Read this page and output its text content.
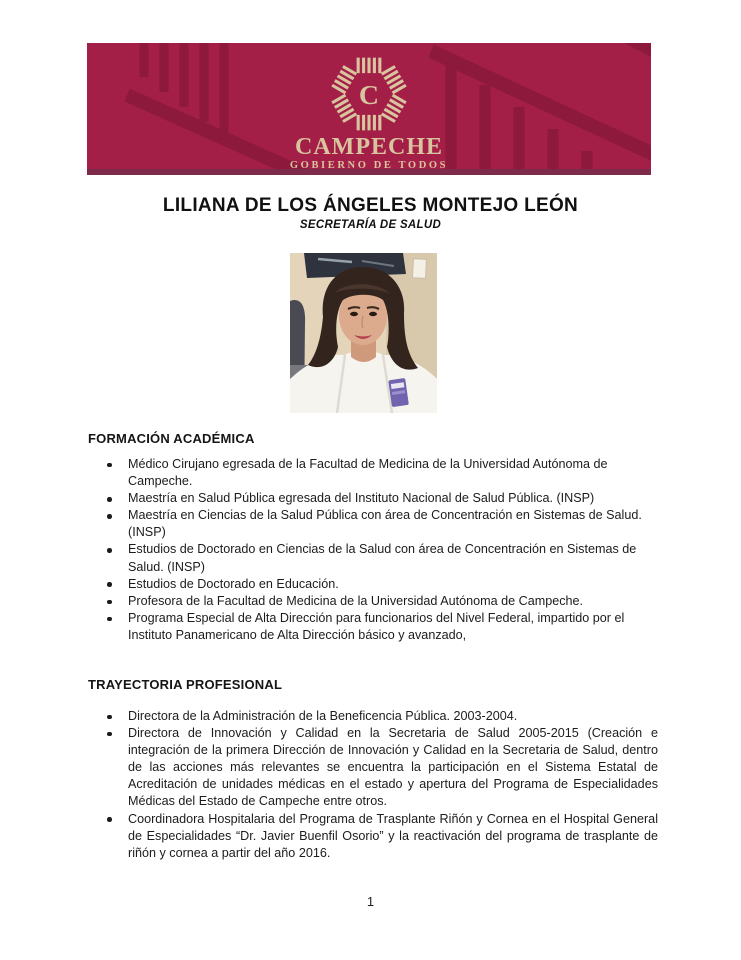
C
CAMPECHE
GOBIERNO DE TODOS
LILIANA DE LOS ÁNGELES MONTEJO LEÓN
SECRETARÍA DE SALUD
FORMACIÓN ACADÉMICA
Médico Cirujano egresada de la Facultad de Medicina de la Universidad Autónoma de Campeche.
Maestría en Salud Pública egresada del Instituto Nacional de Salud Pública. (INSP)
Maestría en Ciencias de la Salud Pública con área de Concentración en Sistemas de Salud. (INSP)
Estudios de Doctorado en Ciencias de la Salud con área de Concentración en Sistemas de Salud. (INSP)
Estudios de Doctorado en Educación.
Profesora de la Facultad de Medicina de la Universidad Autónoma de Campeche.
Programa Especial de Alta Dirección para funcionarios del Nivel Federal, impartido por el Instituto Panamericano de Alta Dirección básico y avanzado,
TRAYECTORIA PROFESIONAL
Directora de la Administración de la Beneficencia Pública. 2003-2004.
Directora de Innovación y Calidad en la Secretaria de Salud 2005-2015 (Creación e integración de la primera Dirección de Innovación y Calidad en la Secretaria de Salud, dentro de las acciones más relevantes se encuentra la participación en el Sistema Estatal de Acreditación de unidades médicas en el estado y apertura del Programa de Especialidades Médicas del Estado de Campeche entre otros.
Coordinadora Hospitalaria del Programa de Trasplante Riñón y Cornea en el Hospital General de Especialidades “Dr. Javier Buenfil Osorio” y la reactivación del programa de trasplante de riñón y cornea a partir del año 2016.
1
